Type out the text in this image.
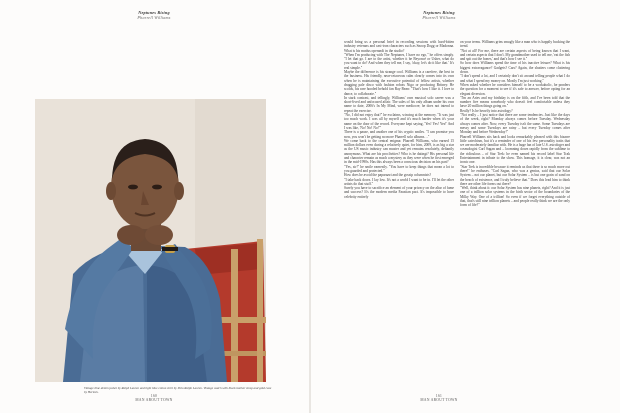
Neptunes Rising
Pharrell Williams
Vintage blue denim jacket by Ralph Lauren and light blue cotton shirt by Polo Ralph Lauren. Vintage watch with black leather strap and gold case by Hermès.
160
MAN ABOUT TOWN
Neptunes Rising
Pharrell Williams

would bring us a personal brief in recording sessions with hard-bitten industry veterans and cast-iron characters such as Snoop Dogg or Madonna. What is his modus operandi in the studio?

"When I'm producing with The Neptunes, I have no ego," he offers simply. "I let that go. I are to the artist, whether it be Beyoncé or Usher, what do you want to do? And when they tell me, I say, 'okay, let's do it like that.' It's real simple."

Maybe the difference is his strange cool. Williams is a carefree, the best in the business. His friendly, near-cetaceous calm clearly comes into its own when he is maintaining the executive potential of fellow artists, whether dragging pale disco with fashion robots Nigo or producing Britney. He scolds, his rare hooded behold fan Ray Bean: "That's how I like it. I love to dance, to collaborate."

In stark contrast, and tellingly, Williams' own musical solo career was a short-lived and unfocused affair. The sales of his only album under his own name to date, 2006's In My Mind, were mediocre; he does not intend to repeat the exercise.

"No, I did not enjoy that!" he exclaims, wincing at the memory. "It was just too much work. I was all by myself and it's much harder when it's your name on the door of the record. Everyone kept saying, 'Yes! Yes! Yes!' And I was like, 'No! No! No!'"

There is a pause, and another one of his cryptic smiles. "I can promise you now, you won't be getting no more Pharrell solo albums…"

We come back to the central enigma: Pharrell Williams, who earned 15 million dollars even during a relatively quiet, for him, 2009, is as big a star as the US music industry can muster and yet remains resolutely, defiantly anonymous. What are his proclivities? Who is he datingt? His personal life and character remain as much a mystery as they were when he first emerged in the mid-1990s. Has this always been a conscious decision on his part?

"Yes, sir!" he smile earnestly. "You have to keep things that mean a lot to you guarded and protected."

How does he avoid the paparazzi and the gossip columnists?

"I take back doors. I lay low. It's not a world I want to be in. I'll let the other artists do that stuff."

Surely you have to sacrifice an element of your privacy on the altar of fame and success? It's the modern media Faustian pact. It's impossible to have celebrity entirely

on your terms. Williams grins smugly like a man who is happily bucking the trend.

"Not at all! For me, there are certain aspects of being known that I want, and certain aspects that I don't. My grandmother used to tell me, 'eat the fish and spit out the bones,' and that's how I see it."

So how does Williams spend the time of his inactive leisure? What is his biggest extravagance? Gadgets? Cars? Again, the shutters come clattering down.

"I don't spend a lot, and I certainly don't sit around telling people what I do and what I spend my money on. Mostly I'm just working."

When asked whether he considers himself to be a workaholic, he ponders the question for a moment to see if it's safe to answer, before opting for an elegant diversion.

"I'm an Aries and my birthday is on the fifth, and I've been told that the number five means somebody who doesn't feel comfortable unless they have 20 million things going on."

Really? Is he heavily into astrology?

"Not really – I just notice that there are some tendencies. Just like the days of the week, right? Monday always comes before Tuesday. Wednesday always comes after. Now, every Tuesday isn't the same. Some Tuesdays are messy and some Tuesdays are rainy – but every Tuesday comes after Monday and before Wednesday!"

Pharrell Williams sits back and looks remarkably pleased with this bizarre little catechism, but it's a reminder of one of his few personality traits that we are moderately familiar with. He is a huge fan of late U.S. astrologer and cosmologist Carl Sagan and – loomning down rapidly from the sublime to the ridiculous – of Star Trek: he even named his record label Star Trak Entertainment in tribute to the show. This homage, it is clear, was not an ironic one.

"Star Trek is incredible because it reminds us that there is so much more out there!" he enthuses. "Carl Sagan, who was a genius, said that our Solar System – not our planet, but our Solar System – is but one grain of sand on the beach of existence, and I truly believe that." Does this lead him to think there are other life forms out there?

"Well, think about it: our Solar System has nine planets, right? And it is just one of a trillion solar systems in the birth sector of the boundaries of the Milky Way. One of a trillion! So even if we forget everything outside of that, that's still nine trillion planets – and people really think we are the only form of life?"

161
MAN ABOUT TOWN
